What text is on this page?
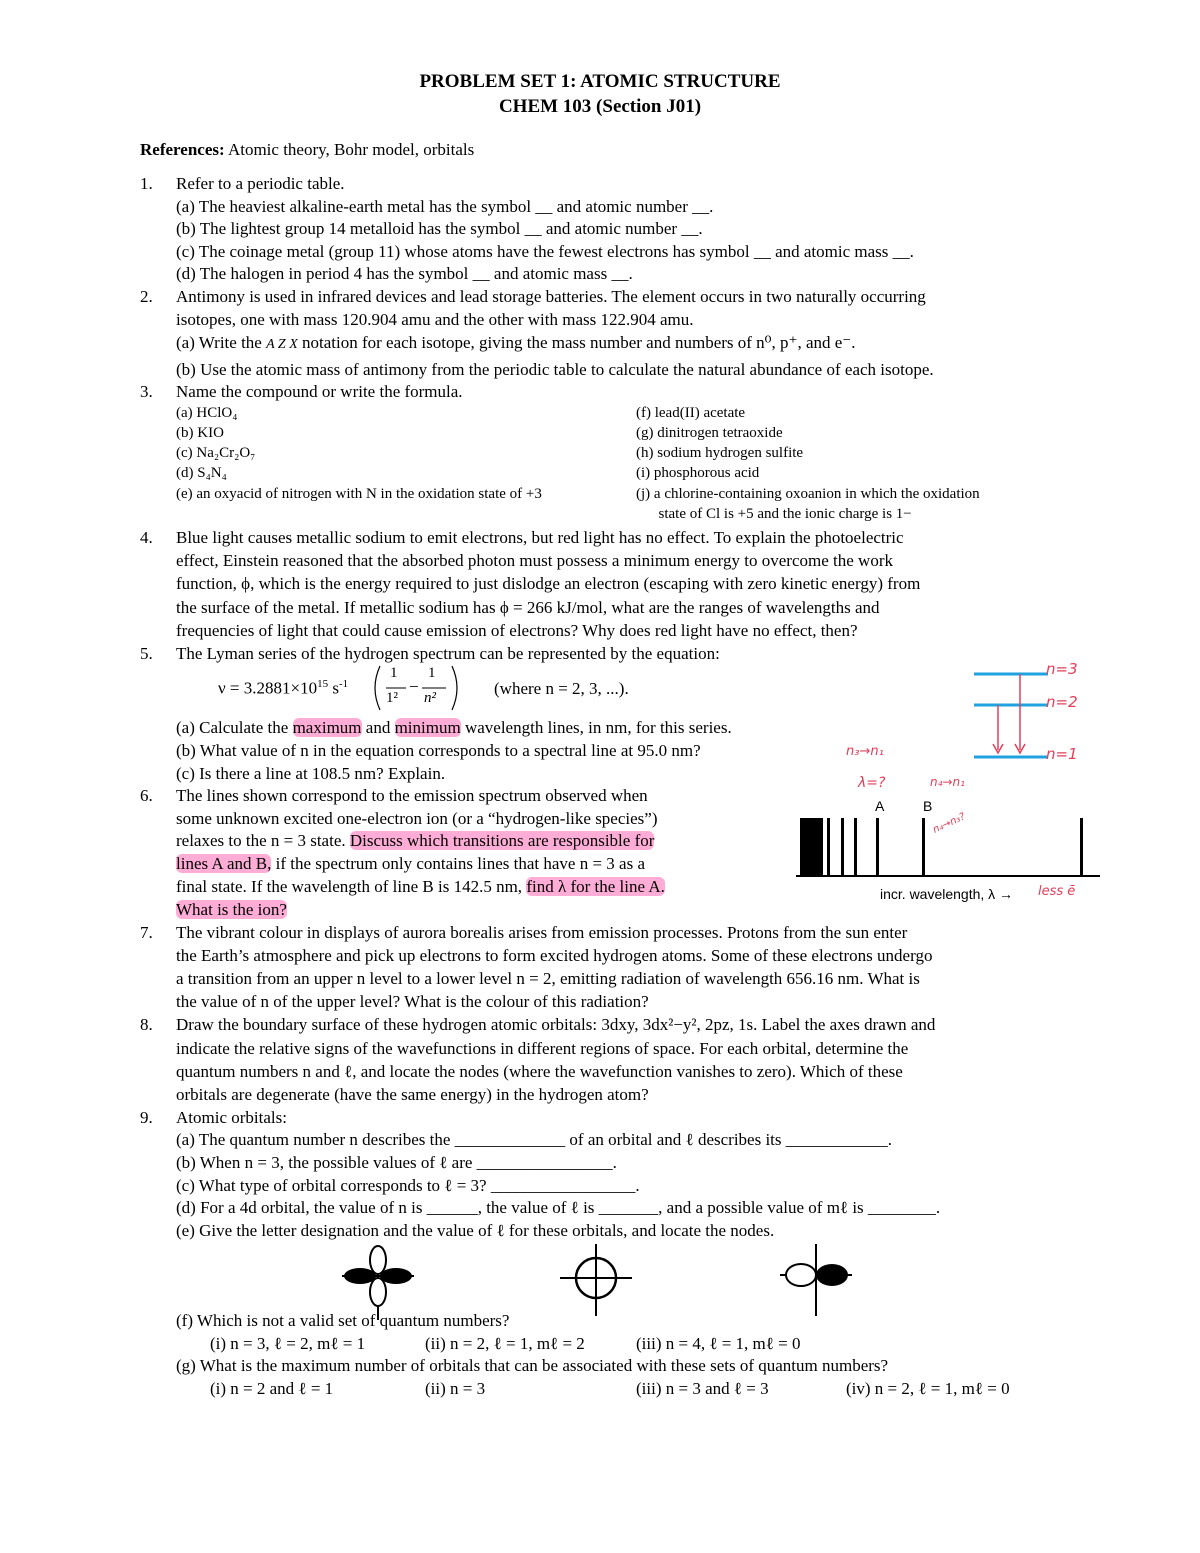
PROBLEM SET 1: ATOMIC STRUCTURE
CHEM 103 (Section J01)
References: Atomic theory, Bohr model, orbitals
1.	Refer to a periodic table.
(a) The heaviest alkaline-earth metal has the symbol __ and atomic number __.
(b) The lightest group 14 metalloid has the symbol __ and atomic number __.
(c) The coinage metal (group 11) whose atoms have the fewest electrons has symbol __ and atomic mass __.
(d) The halogen in period 4 has the symbol __ and atomic mass __.
2.	Antimony is used in infrared devices and lead storage batteries. The element occurs in two naturally occurring
isotopes, one with mass 120.904 amu and the other with mass 122.904 amu.
(a) Write the A Z X notation for each isotope, giving the mass number and numbers of n⁰, p⁺, and e⁻.
(b) Use the atomic mass of antimony from the periodic table to calculate the natural abundance of each isotope.
3.	Name the compound or write the formula.
(a) HClO₄
(b) KIO
(c) Na₂Cr₂O₇
(d) S₄N₄
(e) an oxyacid of nitrogen with N in the oxidation state of +3
(f) lead(II) acetate
(g) dinitrogen tetraoxide
(h) sodium hydrogen sulfite
(i) phosphorous acid
(j) a chlorine-containing oxoanion in which the oxidation
state of Cl is +5 and the ionic charge is 1−
4.	Blue light causes metallic sodium to emit electrons, but red light has no effect. To explain the photoelectric
effect, Einstein reasoned that the absorbed photon must possess a minimum energy to overcome the work
function, ϕ, which is the energy required to just dislodge an electron (escaping with zero kinetic energy) from
the surface of the metal. If metallic sodium has ϕ = 266 kJ/mol, what are the ranges of wavelengths and
frequencies of light that could cause emission of electrons? Why does red light have no effect, then?
5.	The Lyman series of the hydrogen spectrum can be represented by the equation:
$\nu = 3.2881\times 10^{15}$ $s^{-1}$
1
1²
−
1
n²	(where n = 2, 3, ...).
(a) Calculate the maximum and minimum wavelength lines, in nm, for this series.
(b) What value of n in the equation corresponds to a spectral line at 95.0 nm?
(c) Is there a line at 108.5 nm? Explain.
n=3
n=2
n=1
n₃→n₁
λ=?	n₄→n₁
n₄→n₃?
6.	The lines shown correspond to the emission spectrum observed when
some unknown excited one-electron ion (or a “hydrogen-like species”)
relaxes to the n = 3 state. Discuss which transitions are responsible for
lines A and B, if the spectrum only contains lines that have n = 3 as a
final state. If the wavelength of line B is 142.5 nm, find λ for the line A.
What is the ion?
A	B
incr. wavelength, λ → less ē
7.	The vibrant colour in displays of aurora borealis arises from emission processes. Protons from the sun enter
the Earth’s atmosphere and pick up electrons to form excited hydrogen atoms. Some of these electrons undergo
a transition from an upper n level to a lower level n = 2, emitting radiation of wavelength 656.16 nm. What is
the value of n of the upper level? What is the colour of this radiation?
8.	Draw the boundary surface of these hydrogen atomic orbitals: 3dxy, 3dx²−y², 2pz, 1s. Label the axes drawn and
indicate the relative signs of the wavefunctions in different regions of space. For each orbital, determine the
quantum numbers n and ℓ, and locate the nodes (where the wavefunction vanishes to zero). Which of these
orbitals are degenerate (have the same energy) in the hydrogen atom?
9.	Atomic orbitals:
(a) The quantum number n describes the _____________ of an orbital and ℓ describes its ____________.
(b) When n = 3, the possible values of ℓ are ________________.
(c) What type of orbital corresponds to ℓ = 3? _________________.
(d) For a 4d orbital, the value of n is ______, the value of ℓ is _______, and a possible value of mℓ is ________.
(e) Give the letter designation and the value of ℓ for these orbitals, and locate the nodes.
(f) Which is not a valid set of quantum numbers?
(i) n = 3, ℓ = 2, mℓ = 1	(ii) n = 2, ℓ = 1, mℓ = 2	(iii) n = 4, ℓ = 1, mℓ = 0
(g) What is the maximum number of orbitals that can be associated with these sets of quantum numbers?
(i) n = 2 and ℓ = 1	(ii) n = 3	(iii) n = 3 and ℓ = 3	(iv) n = 2, ℓ = 1, mℓ = 0
